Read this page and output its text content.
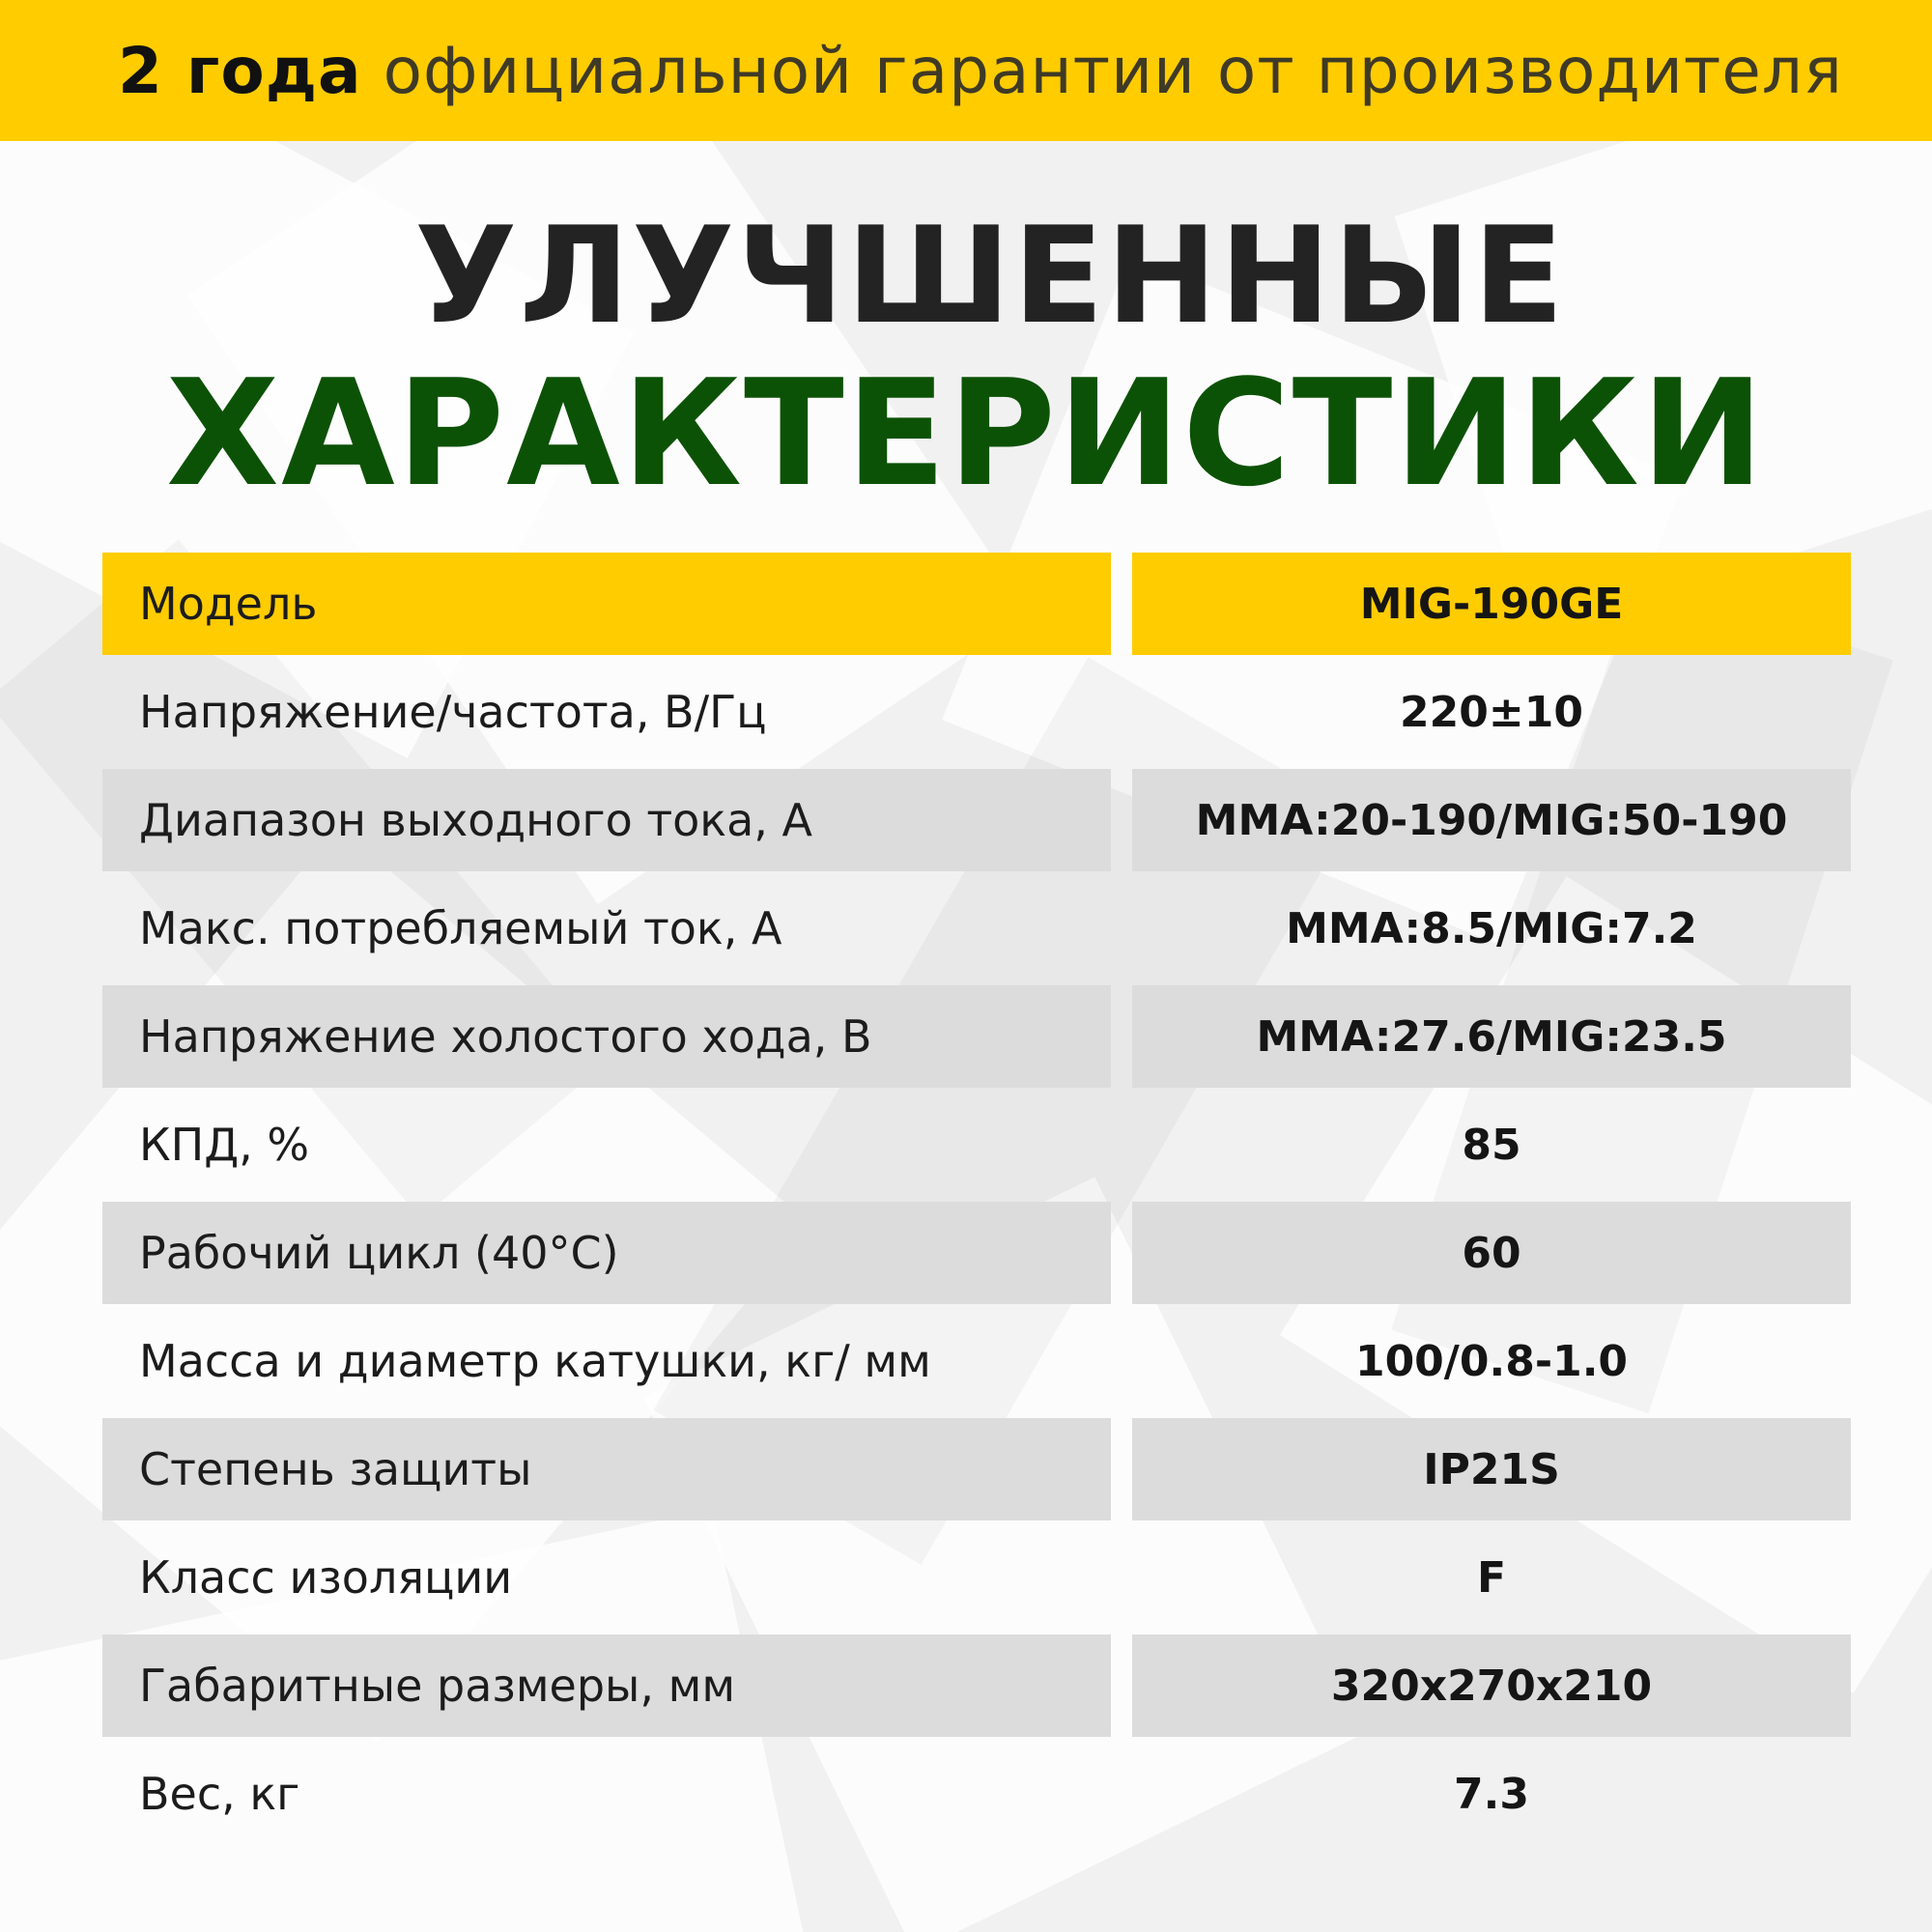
2 года официальной гарантии от производителя
УЛУЧШЕННЫЕ
ХАРАКТЕРИСТИКИ
Модель	MIG-190GE
Напряжение/частота, В/Гц	220±10
Диапазон выходного тока, А	MMA:20-190/MIG:50-190
Макс. потребляемый ток, А	MMA:8.5/MIG:7.2
Напряжение холостого хода, В	MMA:27.6/MIG:23.5
КПД, %	85
Рабочий цикл (40°С)	60
Масса и диаметр катушки, кг/ мм	100/0.8-1.0
Степень защиты	IP21S
Класс изоляции	F
Габаритные размеры, мм	320x270x210
Вес, кг	7.3
